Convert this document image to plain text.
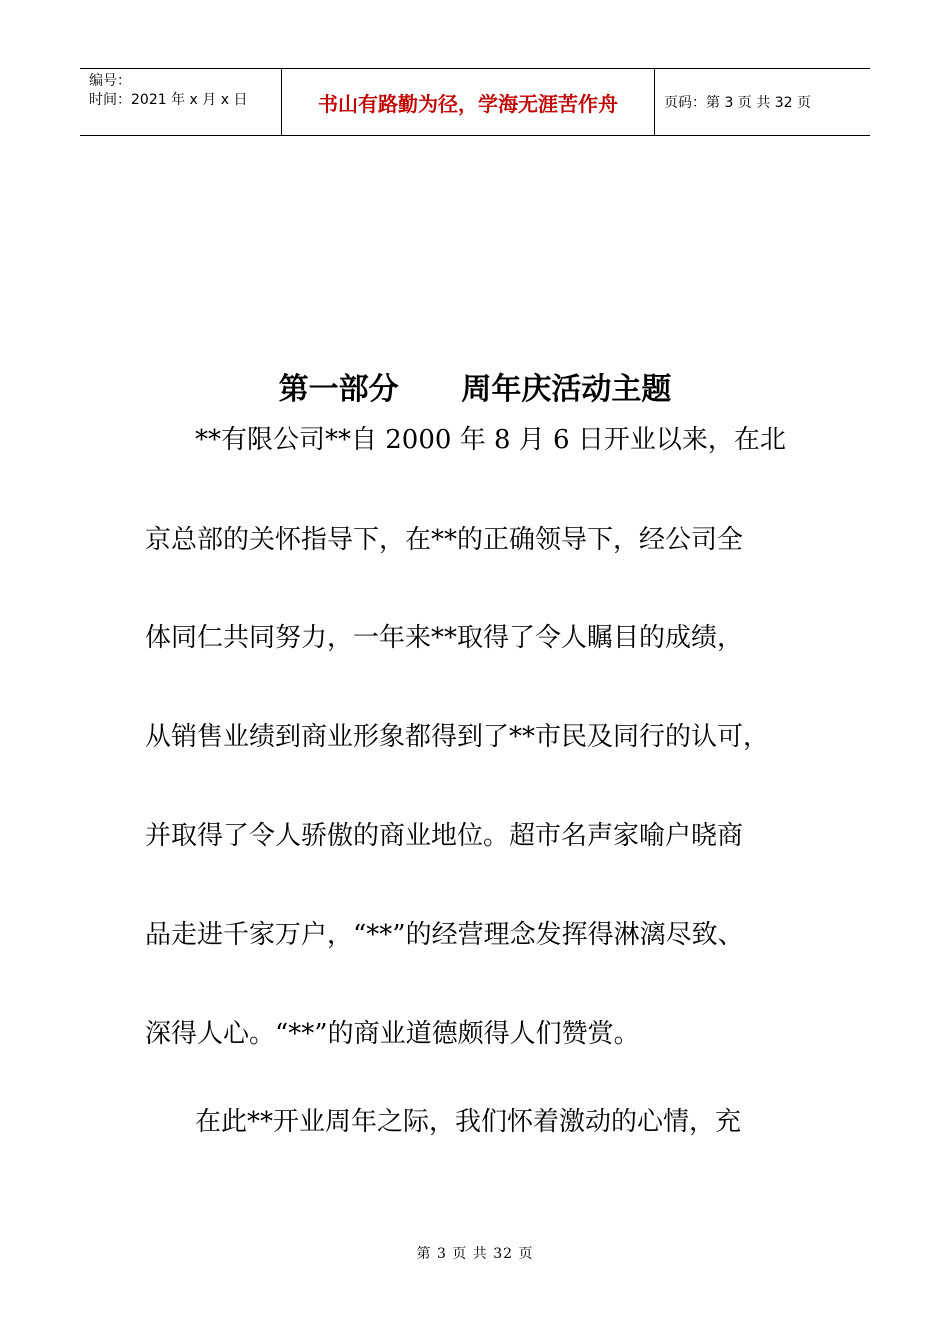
编号：
时间：2021 年 x 月 x 日	书山有路勤为径，学海无涯苦作舟	页码：第 3 页 共 32 页
第一部分      周年庆活动主题
**有限公司**自 2000 年 8 月 6 日开业以来，在北
京总部的关怀指导下，在**的正确领导下，经公司全
体同仁共同努力，一年来**取得了令人瞩目的成绩，
从销售业绩到商业形象都得到了**市民及同行的认可，
并取得了令人骄傲的商业地位。超市名声家喻户晓商
品走进千家万户，“**”的经营理念发挥得淋漓尽致、
深得人心。“**”的商业道德颇得人们赞赏。
在此**开业周年之际，我们怀着激动的心情，充
第 3 页 共 32 页
